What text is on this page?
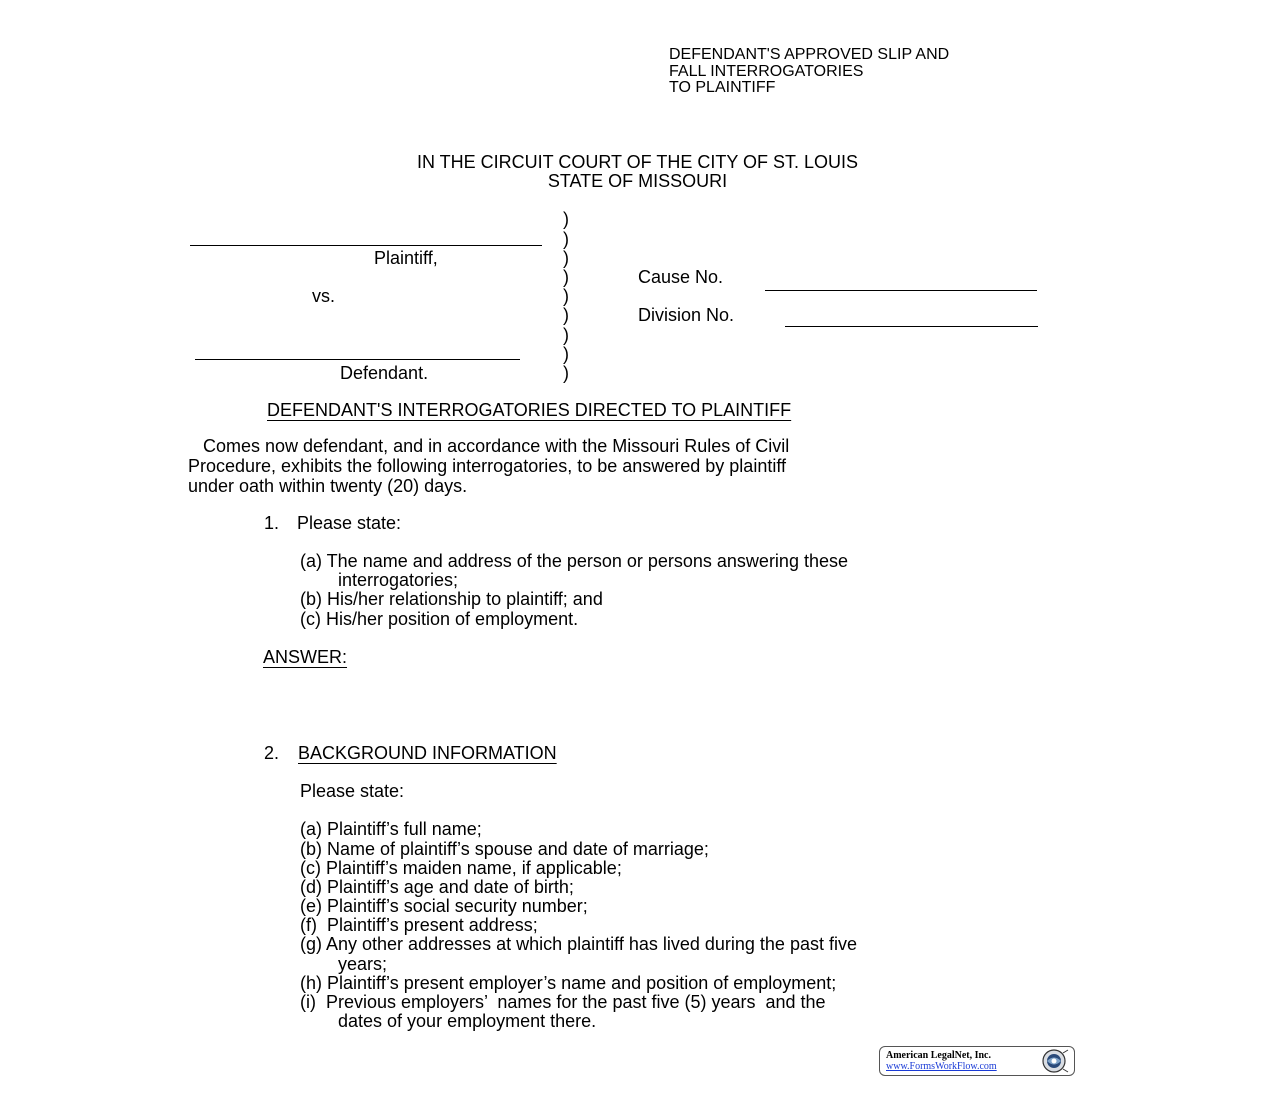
DEFENDANT'S APPROVED SLIP AND
FALL INTERROGATORIES
TO PLAINTIFF
IN THE CIRCUIT COURT OF THE CITY OF ST. LOUIS
STATE OF MISSOURI
Plaintiff,
vs.
Defendant.
)
)
)
)
)
)
)
)
)
Cause No.
Division No.
DEFENDANT'S INTERROGATORIES DIRECTED TO PLAINTIFF
Comes now defendant, and in accordance with the Missouri Rules of Civil
Procedure, exhibits the following interrogatories, to be answered by plaintiff
under oath within twenty (20) days.
1. Please state:
(a) The name and address of the person or persons answering these
interrogatories;
(b) His/her relationship to plaintiff; and
(c) His/her position of employment.
ANSWER:
2. BACKGROUND INFORMATION
Please state:
(a) Plaintiff’s full name;
(b) Name of plaintiff’s spouse and date of marriage;
(c) Plaintiff’s maiden name, if applicable;
(d) Plaintiff’s age and date of birth;
(e) Plaintiff’s social security number;
(f)  Plaintiff’s present address;
(g) Any other addresses at which plaintiff has lived during the past five
years;
(h) Plaintiff’s present employer’s name and position of employment;
(i)  Previous employers’  names for the past five (5) years  and the
dates of your employment there.
American LegalNet, Inc.
www.FormsWorkFlow.com
